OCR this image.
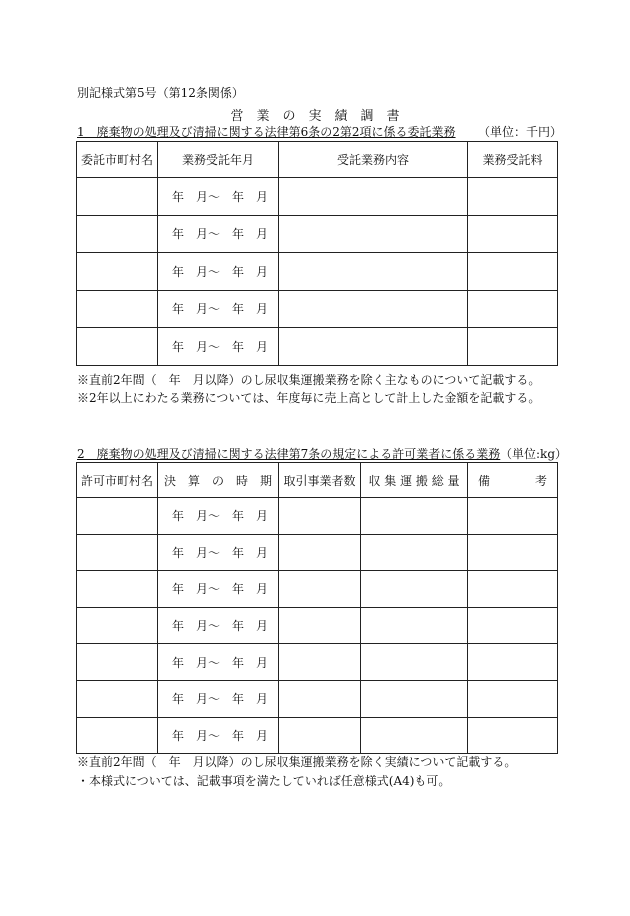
別記様式第5号（第12条関係）
営　業　の　実　績　調　書
1　廃棄物の処理及び清掃に関する法律第6条の2第2項に係る委託業務 （単位：千円）
委託市町村名	業務受託年月	受託業務内容	業務受託料
	年　月〜　年　月		
	年　月〜　年　月		
	年　月〜　年　月		
	年　月〜　年　月		
	年　月〜　年　月		
※直前2年間（　年　月以降）のし尿収集運搬業務を除く主なものについて記載する。
※2年以上にわたる業務については、年度毎に売上高として計上した金額を記載する。
2　廃棄物の処理及び清掃に関する法律第7条の規定による許可業者に係る業務 （単位:kg）
許可市町村名	決　算　の　時　期	取引事業者数	収 集 運 搬 総 量	備 考

	年　月〜　年　月			
	年　月〜　年　月			
	年　月〜　年　月			
	年　月〜　年　月			
	年　月〜　年　月			
	年　月〜　年　月			
	年　月〜　年　月			
※直前2年間（　年　月以降）のし尿収集運搬業務を除く実績について記載する。
・本様式については、記載事項を満たしていれば任意様式(A4)も可。
